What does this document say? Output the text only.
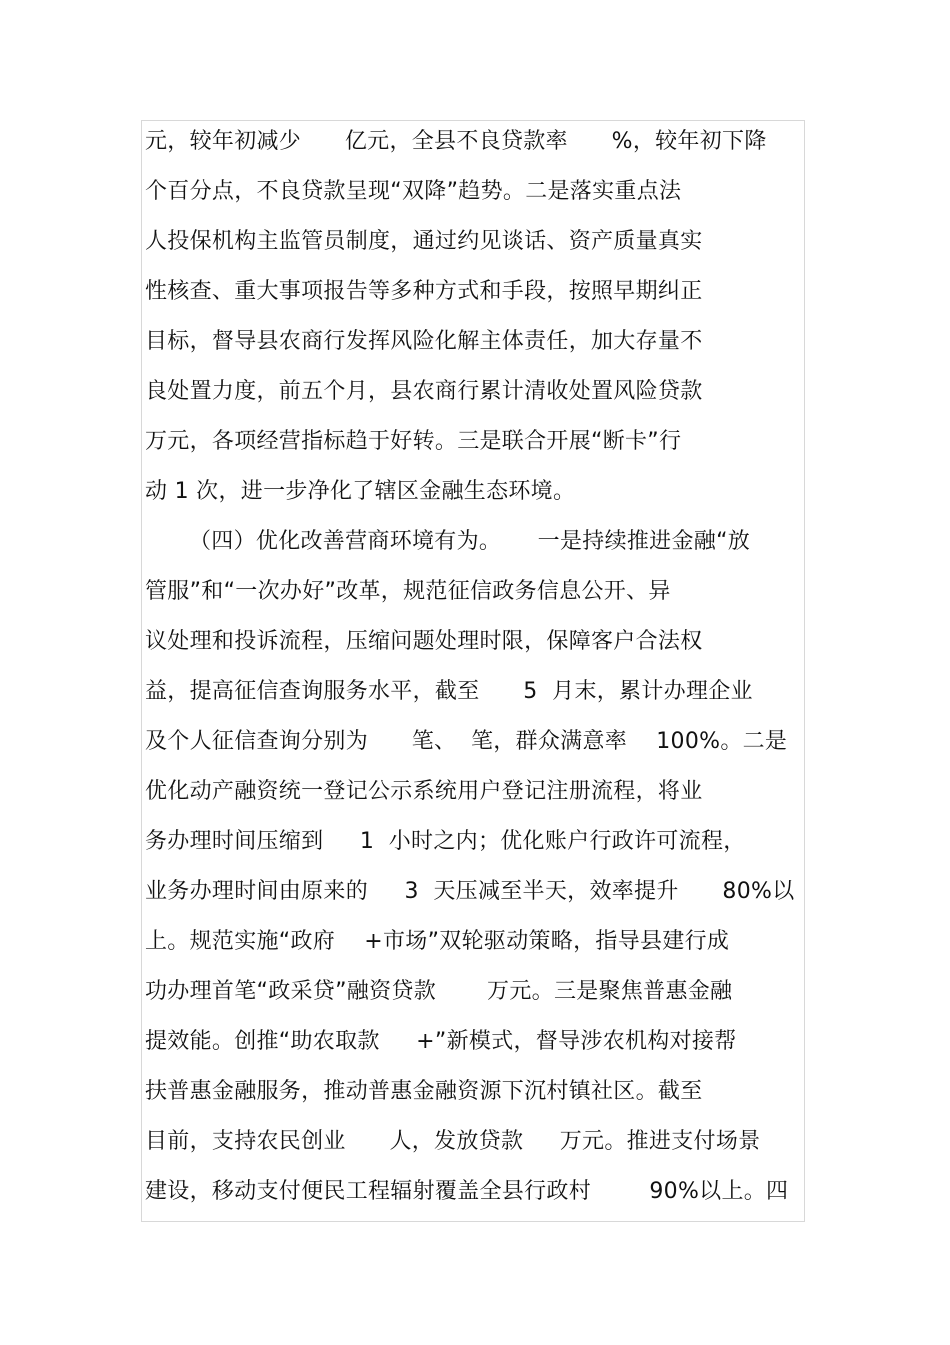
元，较年初减少      亿元，全县不良贷款率      %，较年初下降
个百分点，不良贷款呈现“双降”趋势。二是落实重点法
人投保机构主监管员制度，通过约见谈话、资产质量真实
性核查、重大事项报告等多种方式和手段，按照早期纠正
目标，督导县农商行发挥风险化解主体责任，加大存量不
良处置力度，前五个月，县农商行累计清收处置风险贷款
万元，各项经营指标趋于好转。三是联合开展“断卡”行
动 1 次，进一步净化了辖区金融生态环境。
（四）优化改善营商环境有为。     一是持续推进金融“放
管服”和“一次办好”改革，规范征信政务信息公开、异
议处理和投诉流程，压缩问题处理时限，保障客户合法权
益，提高征信查询服务水平，截至      5  月末，累计办理企业
及个人征信查询分别为      笔、  笔，群众满意率    100%。二是
优化动产融资统一登记公示系统用户登记注册流程，将业
务办理时间压缩到     1  小时之内；优化账户行政许可流程，
业务办理时间由原来的     3  天压减至半天，效率提升      80%以
上。规范实施“政府    +市场”双轮驱动策略，指导县建行成
功办理首笔“政采贷”融资贷款       万元。三是聚焦普惠金融
提效能。创推“助农取款     +”新模式，督导涉农机构对接帮
扶普惠金融服务，推动普惠金融资源下沉村镇社区。截至
目前，支持农民创业      人，发放贷款     万元。推进支付场景
建设，移动支付便民工程辐射覆盖全县行政村        90%以上。四
